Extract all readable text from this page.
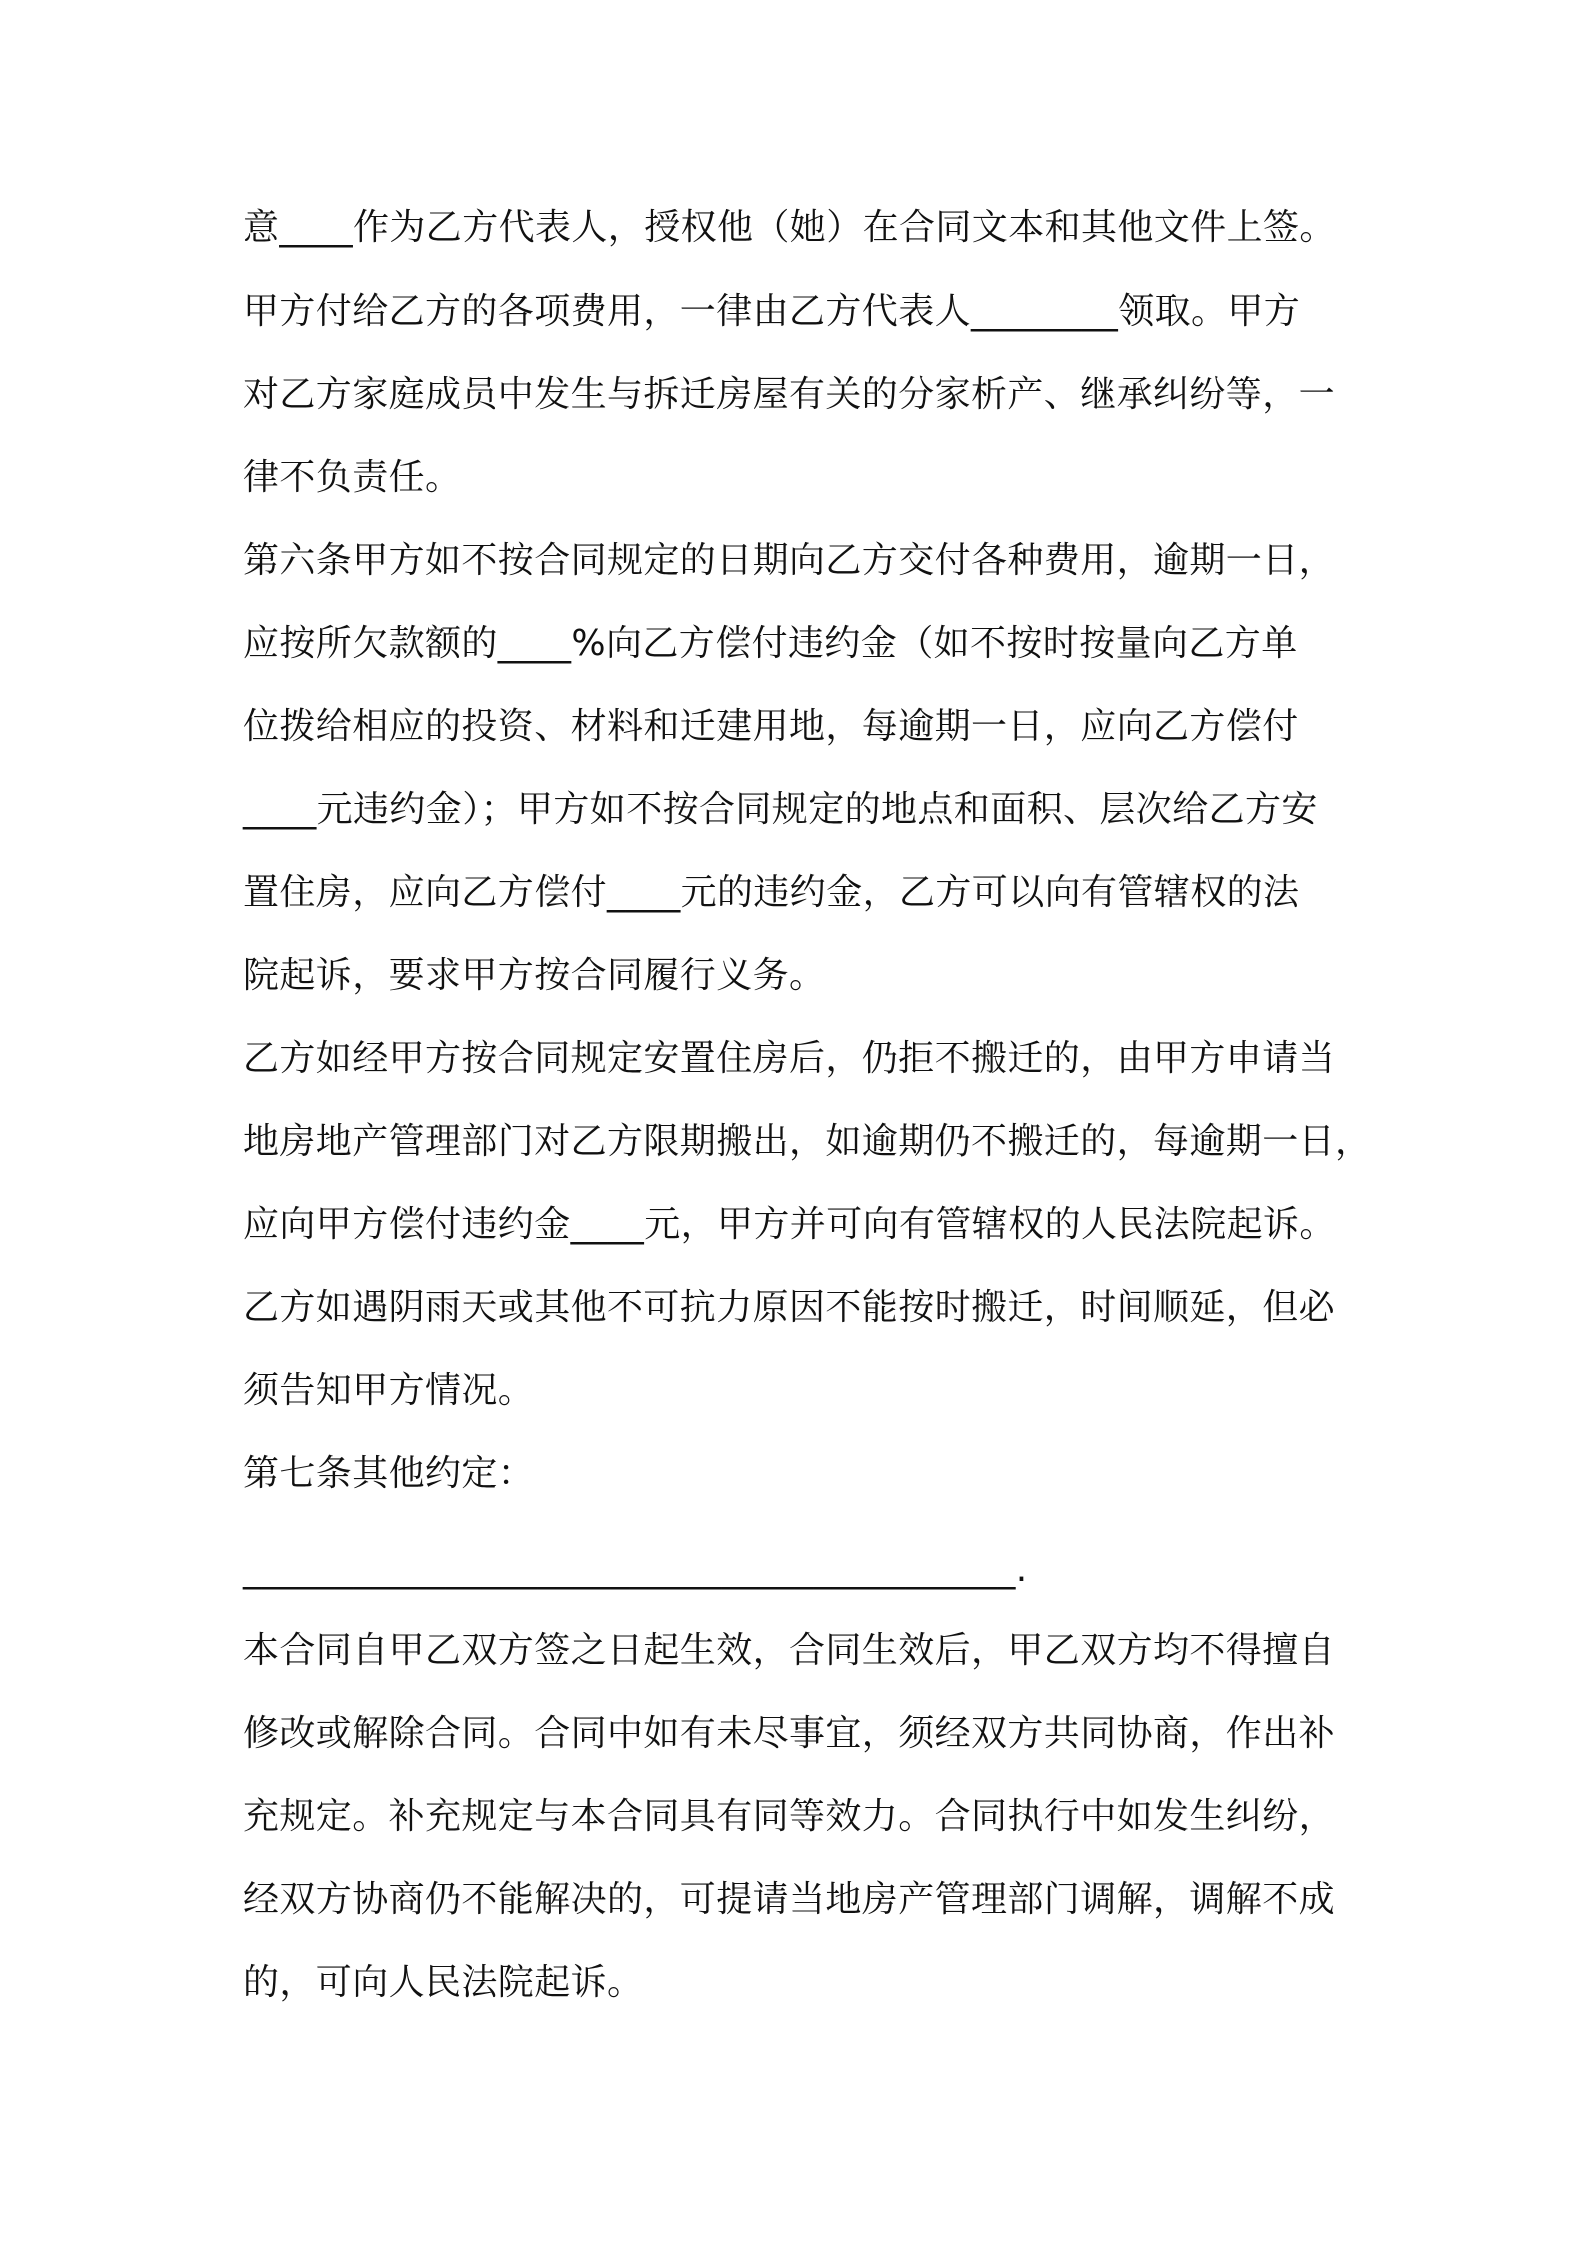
意____作为乙方代表人，授权他（她）在合同文本和其他文件上签。
甲方付给乙方的各项费用，一律由乙方代表人________领取。甲方
对乙方家庭成员中发生与拆迁房屋有关的分家析产、继承纠纷等，一
律不负责任。
第六条甲方如不按合同规定的日期向乙方交付各种费用，逾期一日，
应按所欠款额的____%向乙方偿付违约金（如不按时按量向乙方单
位拨给相应的投资、材料和迁建用地，每逾期一日，应向乙方偿付
____元违约金）；甲方如不按合同规定的地点和面积、层次给乙方安
置住房，应向乙方偿付____元的违约金，乙方可以向有管辖权的法
院起诉，要求甲方按合同履行义务。
乙方如经甲方按合同规定安置住房后，仍拒不搬迁的，由甲方申请当
地房地产管理部门对乙方限期搬出，如逾期仍不搬迁的，每逾期一日，
应向甲方偿付违约金____元，甲方并可向有管辖权的人民法院起诉。
乙方如遇阴雨天或其他不可抗力原因不能按时搬迁，时间顺延，但必
须告知甲方情况。
第七条其他约定：
__________________________________________.
本合同自甲乙双方签之日起生效，合同生效后，甲乙双方均不得擅自
修改或解除合同。合同中如有未尽事宜，须经双方共同协商，作出补
充规定。补充规定与本合同具有同等效力。合同执行中如发生纠纷，
经双方协商仍不能解决的，可提请当地房产管理部门调解，调解不成
的，可向人民法院起诉。
